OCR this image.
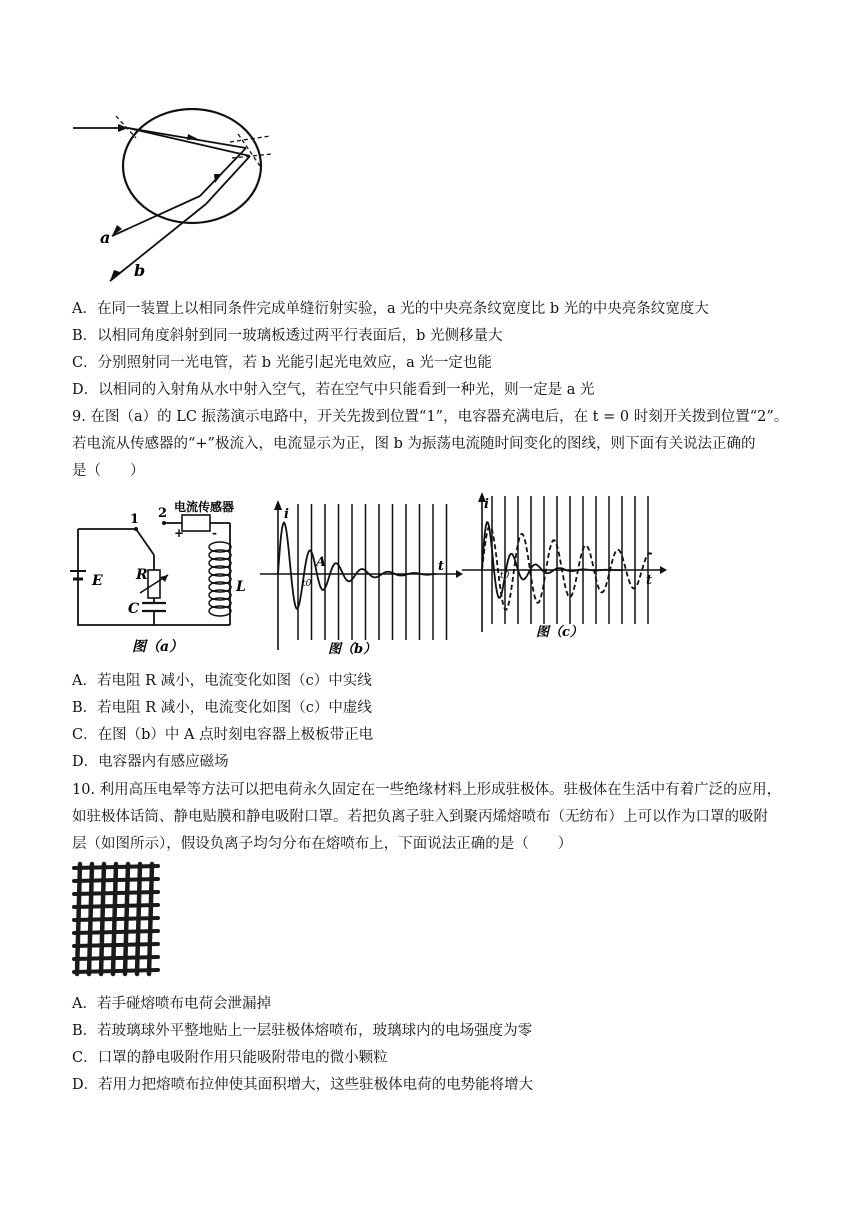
a
b
A．在同一装置上以相同条件完成单缝衍射实验，a 光的中央亮条纹宽度比 b 光的中央亮条纹宽度大
B．以相同角度斜射到同一玻璃板透过两平行表面后，b 光侧移量大
C．分别照射同一光电管，若 b 光能引起光电效应，a 光一定也能
D．以相同的入射角从水中射入空气，若在空气中只能看到一种光，则一定是 a 光
9. 在图（a）的 LC 振荡演示电路中，开关先拨到位置“1”，电容器充满电后，在 t = 0 时刻开关拨到位置“2”。
若电流从传感器的“+”极流入，电流显示为正，图 b 为振荡电流随时间变化的图线，则下面有关说法正确的
是（　　）
电流传感器
1 2
+ -
E R
C
L
图（a）
i
A
t0
t
图（b）
i
t0	t
图（c）
A．若电阻 R 减小，电流变化如图（c）中实线
B．若电阻 R 减小，电流变化如图（c）中虚线
C．在图（b）中 A 点时刻电容器上极板带正电
D．电容器内有感应磁场
10. 利用高压电晕等方法可以把电荷永久固定在一些绝缘材料上形成驻极体。驻极体在生活中有着广泛的应用，
如驻极体话筒、静电贴膜和静电吸附口罩。若把负离子驻入到聚丙烯熔喷布（无纺布）上可以作为口罩的吸附
层（如图所示），假设负离子均匀分布在熔喷布上，下面说法正确的是（　　）
A．若手碰熔喷布电荷会泄漏掉
B．若玻璃球外平整地贴上一层驻极体熔喷布，玻璃球内的电场强度为零
C．口罩的静电吸附作用只能吸附带电的微小颗粒
D．若用力把熔喷布拉伸使其面积增大，这些驻极体电荷的电势能将增大
